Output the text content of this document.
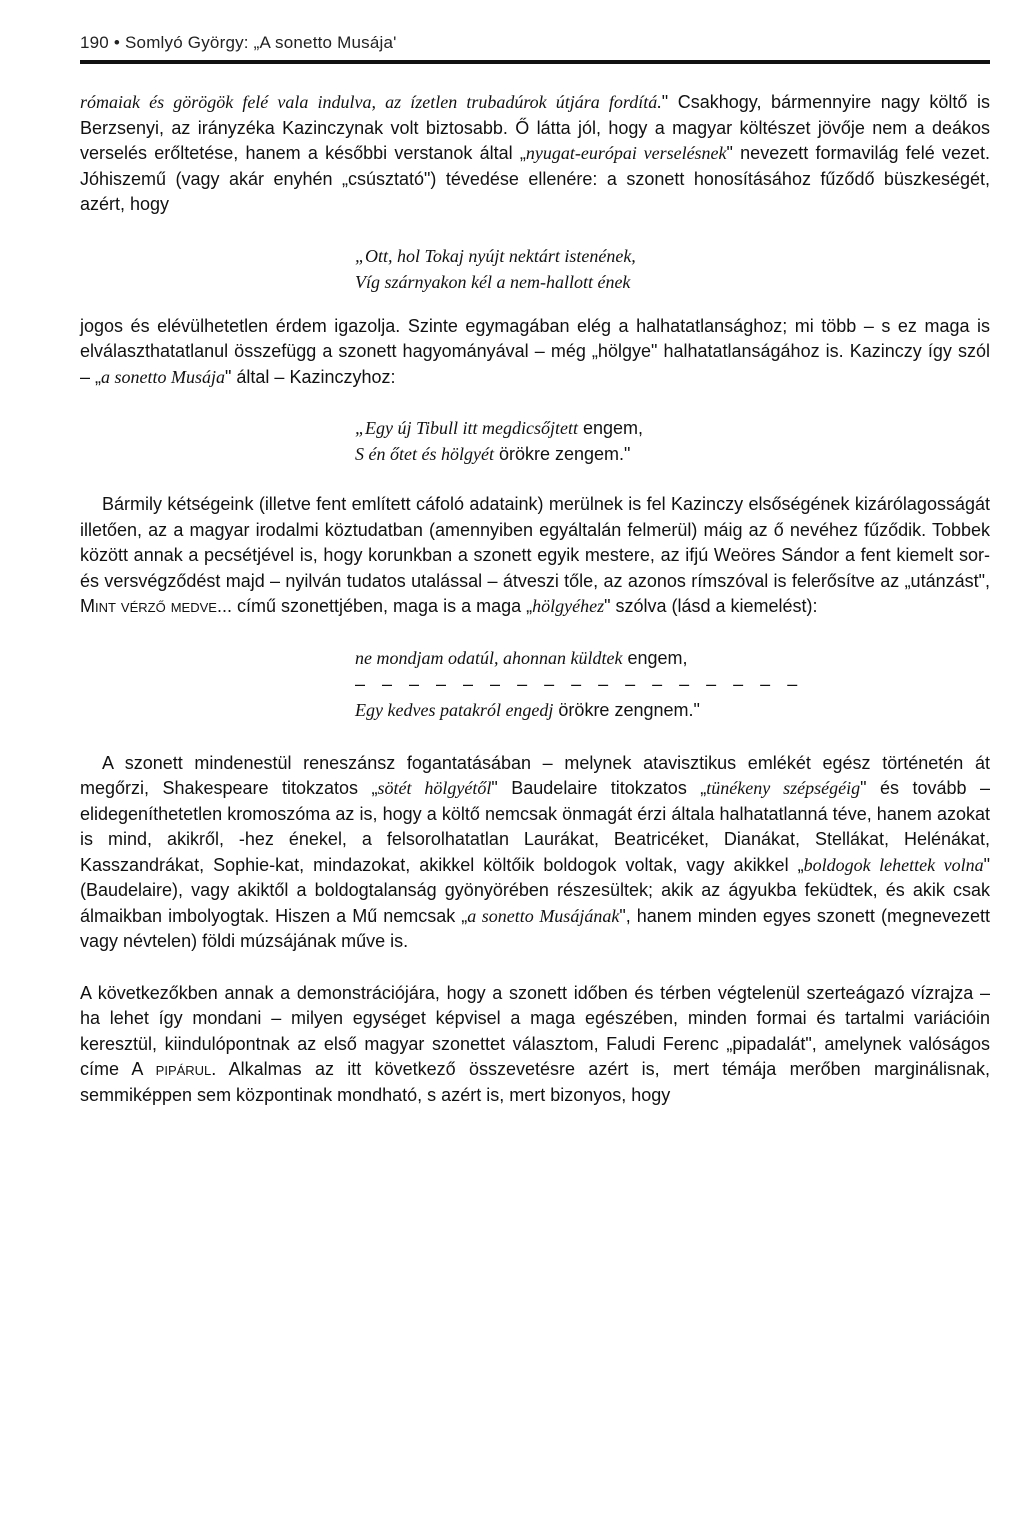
190 • Somlyó György: „A sonetto Musája'

rómaiak és görögök felé vala indulva, az ízetlen trubadúrok útjára fordítá." Csakhogy, bármennyire nagy költő is Berzsenyi, az irányzéka Kazinczynak volt biztosabb. Ő látta jól, hogy a magyar költészet jövője nem a deákos verselés erőltetése, hanem a későbbi verstanok által „nyugat-európai verselésnek" nevezett formavilág felé vezet. Jóhiszemű (vagy akár enyhén „csúsztató") tévedése ellenére: a szonett honosításához fűződő büszkeségét, azért, hogy

„Ott, hol Tokaj nyújt nektárt istenének,

Víg szárnyakon kél a nem-hallott ének

jogos és elévülhetetlen érdem igazolja. Szinte egymagában elég a halhatatlansághoz; mi több – s ez maga is elválaszthatatlanul összefügg a szonett hagyományával – még „hölgye" halhatatlanságához is. Kazinczy így szól – „a sonetto Musája" által – Kazinczyhoz:

„Egy új Tibull itt megdicsőjtett engem,

S én őtet és hölgyét örökre zengem."

Bármily kétségeink (illetve fent említett cáfoló adataink) merülnek is fel Kazinczy elsőségének kizárólagosságát illetően, az a magyar irodalmi köztudatban (amennyiben egyáltalán felmerül) máig az ő nevéhez fűződik. Tobbek között annak a pecsétjével is, hogy korunkban a szonett egyik mestere, az ifjú Weöres Sándor a fent kiemelt sor- és versvégződést majd – nyilván tudatos utalással – átveszi tőle, az azonos rímszóval is felerősítve az „utánzást", Mint vérző medve... című szonettjében, maga is a maga „hölgyéhez" szólva (lásd a kiemelést):

ne mondjam odatúl, ahonnan küldtek engem,

– – – – – – – – – – – – – – – – –

Egy kedves patakról engedj örökre zengnem."

A szonett mindenestül reneszánsz fogantatásában – melynek atavisztikus emlékét egész történetén át megőrzi, Shakespeare titokzatos „sötét hölgyétől" Baudelaire titokzatos „tünékeny szépségéig" és tovább – elidegeníthetetlen kromoszóma az is, hogy a költő nemcsak önmagát érzi általa halhatatlanná téve, hanem azokat is mind, akikről, -hez énekel, a felsorolhatatlan Laurákat, Beatricéket, Dianákat, Stellákat, Helénákat, Kasszandrákat, Sophie-kat, mindazokat, akikkel költőik boldogok voltak, vagy akikkel „boldogok lehettek volna" (Baudelaire), vagy akiktől a boldogtalanság gyönyörében részesültek; akik az ágyukba feküdtek, és akik csak álmaikban imbolyogtak. Hiszen a Mű nemcsak „a sonetto Musájának", hanem minden egyes szonett (megnevezett vagy névtelen) földi múzsájának műve is.

A következőkben annak a demonstrációjára, hogy a szonett időben és térben végtelenül szerteágazó vízrajza – ha lehet így mondani – milyen egységet képvisel a maga egészében, minden formai és tartalmi variációin keresztül, kiindulópontnak az első magyar szonettet választom, Faludi Ferenc „pipadalát", amelynek valóságos címe A pipárul. Alkalmas az itt következő összevetésre azért is, mert témája merőben marginálisnak, semmiképpen sem központinak mondható, s azért is, mert bizonyos, hogy
